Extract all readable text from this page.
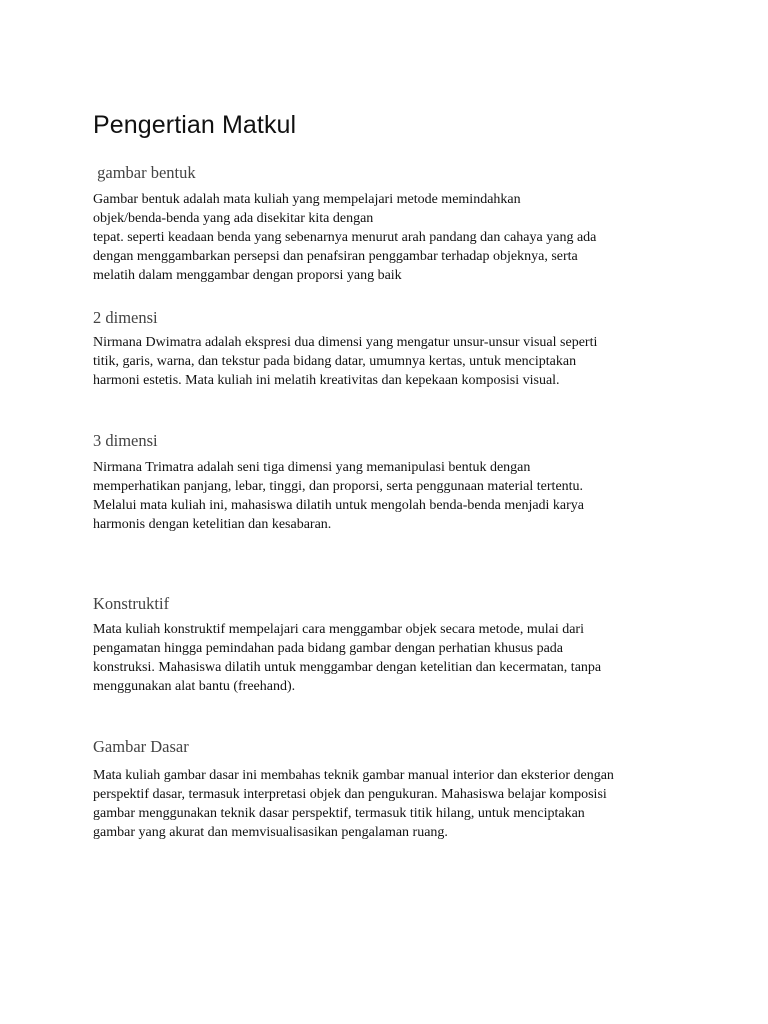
Pengertian Matkul
gambar bentuk

Gambar bentuk adalah mata kuliah yang mempelajari metode memindahkan
objek/benda-benda yang ada disekitar kita dengan
tepat. seperti keadaan benda yang sebenarnya menurut arah pandang dan cahaya yang ada
dengan menggambarkan persepsi dan penafsiran penggambar terhadap objeknya, serta
melatih dalam menggambar dengan proporsi yang baik

2 dimensi

Nirmana Dwimatra adalah ekspresi dua dimensi yang mengatur unsur-unsur visual seperti
titik, garis, warna, dan tekstur pada bidang datar, umumnya kertas, untuk menciptakan
harmoni estetis. Mata kuliah ini melatih kreativitas dan kepekaan komposisi visual.

3 dimensi

Nirmana Trimatra adalah seni tiga dimensi yang memanipulasi bentuk dengan
memperhatikan panjang, lebar, tinggi, dan proporsi, serta penggunaan material tertentu.
Melalui mata kuliah ini, mahasiswa dilatih untuk mengolah benda-benda menjadi karya
harmonis dengan ketelitian dan kesabaran.

Konstruktif

Mata kuliah konstruktif mempelajari cara menggambar objek secara metode, mulai dari
pengamatan hingga pemindahan pada bidang gambar dengan perhatian khusus pada
konstruksi. Mahasiswa dilatih untuk menggambar dengan ketelitian dan kecermatan, tanpa
menggunakan alat bantu (freehand).

Gambar Dasar

Mata kuliah gambar dasar ini membahas teknik gambar manual interior dan eksterior dengan
perspektif dasar, termasuk interpretasi objek dan pengukuran. Mahasiswa belajar komposisi
gambar menggunakan teknik dasar perspektif, termasuk titik hilang, untuk menciptakan
gambar yang akurat dan memvisualisasikan pengalaman ruang.
